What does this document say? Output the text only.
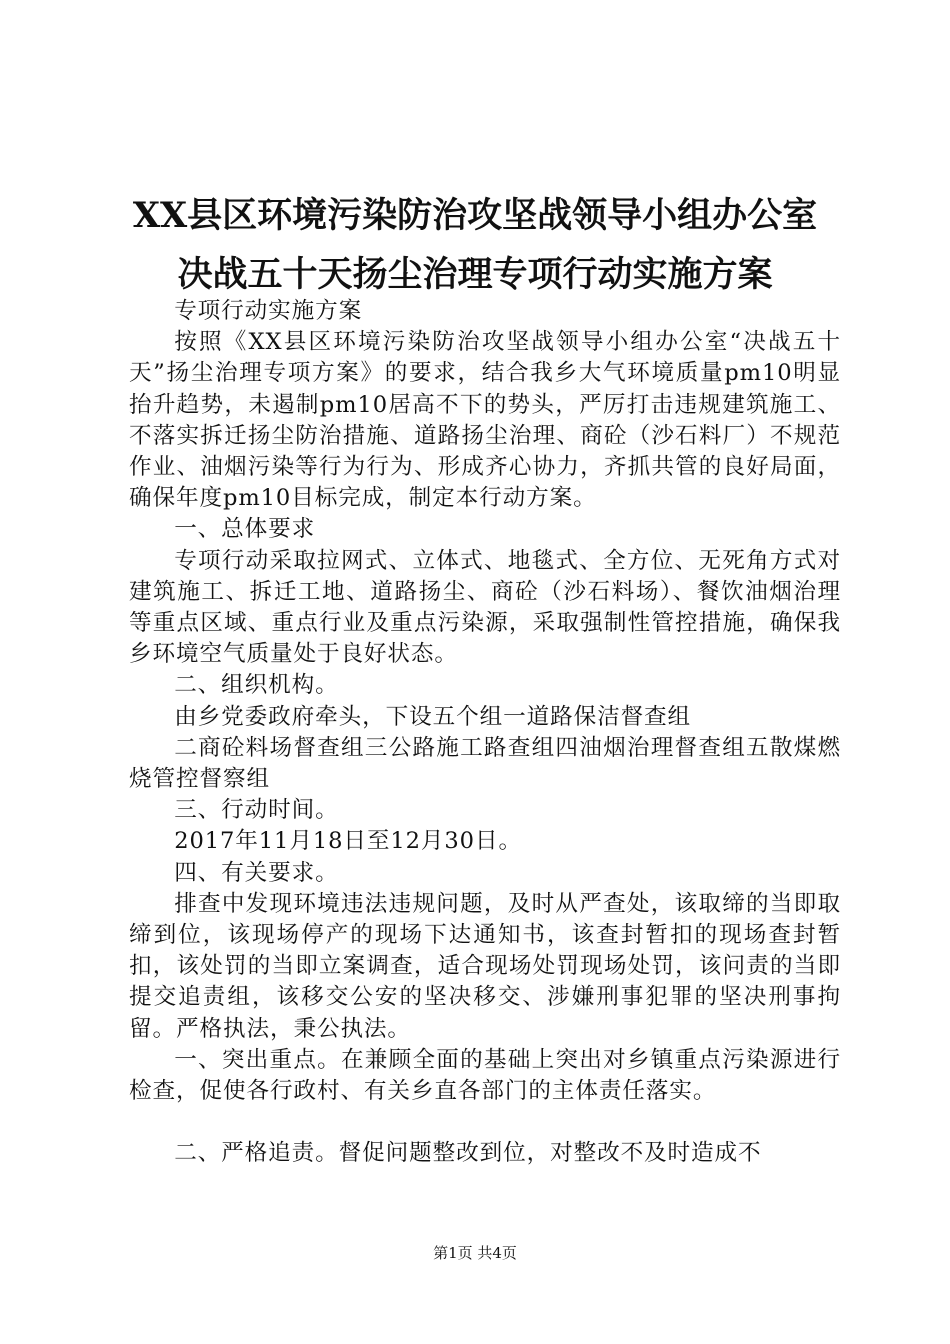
XX县区环境污染防治攻坚战领导小组办公室
决战五十天扬尘治理专项行动实施方案

专项行动实施方案

按照《XX县区环境污染防治攻坚战领导小组办公室“决战五十天”扬尘治理专项方案》的要求，结合我乡大气环境质量pm10明显抬升趋势，未遏制pm10居高不下的势头，严厉打击违规建筑施工、不落实拆迁扬尘防治措施、道路扬尘治理、商砼（沙石料厂）不规范作业、油烟污染等行为行为、形成齐心协力，齐抓共管的良好局面，确保年度pm10目标完成，制定本行动方案。

一、总体要求

专项行动采取拉网式、立体式、地毯式、全方位、无死角方式对建筑施工、拆迁工地、道路扬尘、商砼（沙石料场）、餐饮油烟治理等重点区域、重点行业及重点污染源，采取强制性管控措施，确保我乡环境空气质量处于良好状态。

二、组织机构。

由乡党委政府牵头，下设五个组一道路保洁督查组

二商砼料场督查组三公路施工路查组四油烟治理督查组五散煤燃烧管控督察组

三、行动时间。

2017年11月18日至12月30日。

四、有关要求。

排查中发现环境违法违规问题，及时从严查处，该取缔的当即取缔到位，该现场停产的现场下达通知书，该查封暂扣的现场查封暂扣，该处罚的当即立案调查，适合现场处罚现场处罚，该问责的当即提交追责组，该移交公安的坚决移交、涉嫌刑事犯罪的坚决刑事拘留。严格执法，秉公执法。

一、突出重点。在兼顾全面的基础上突出对乡镇重点污染源进行检查，促使各行政村、有关乡直各部门的主体责任落实。

二、严格追责。督促问题整改到位，对整改不及时造成不

第1页 共4页
